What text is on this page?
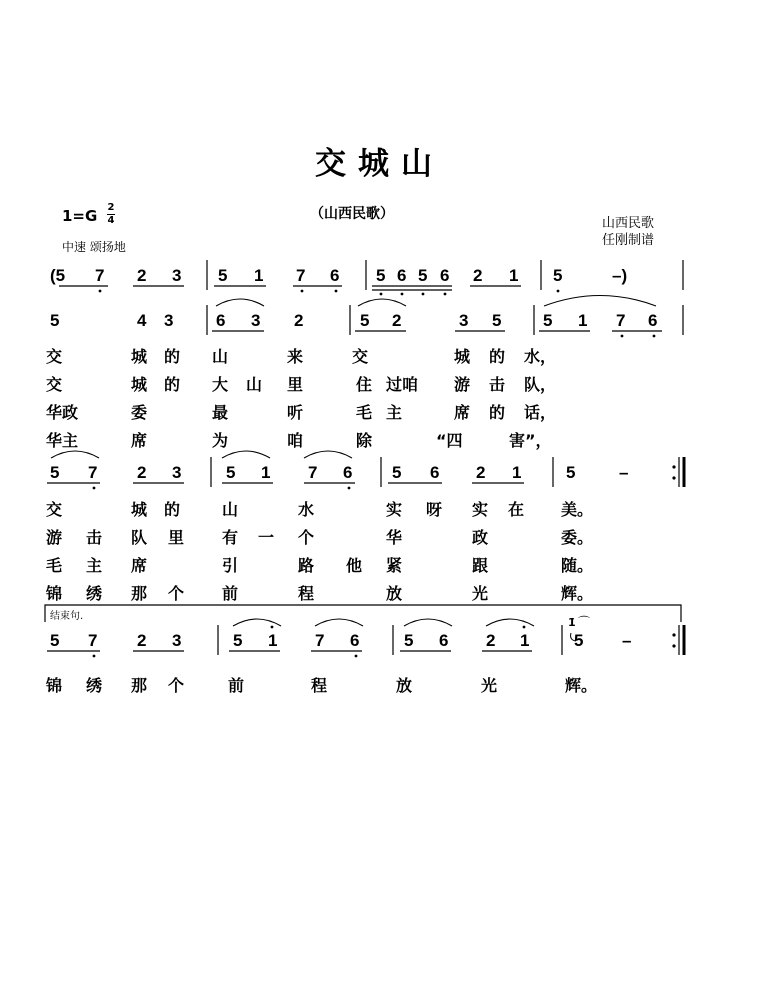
交城山
（山西民歌）
1=G 2
4
中速 颂扬地
山西民歌
任刚制谱
(5 7 2 3 5 1 7 6 5 6 5 6 2 1 5	–)
5	4 3	6 3 2	5 2	3 5 5 1 7 6
交	城 的 山	来	交	城 的 水，
交	城 的 大 山 里	住 过咱 游 击 队，
华政	委	最	听	毛 主	席 的 话，
华主	席	为	咱	除	“四	害”，
5 7 2 3	5 1 7 6 5 6 2 1	5	–
交	城 的	山	水	实 呀 实 在 美。
游 击 队 里 有 一 个	华	政	委。
毛 主 席	引	路 他 紧	跟	随。
锦 绣 那 个 前	程	放	光	辉。
结束句.	1̇ ⌒
5 7 2 3	5 1 7 6	5 6 2 1	5 –
锦 绣 那 个	前	程	放	光	辉。
